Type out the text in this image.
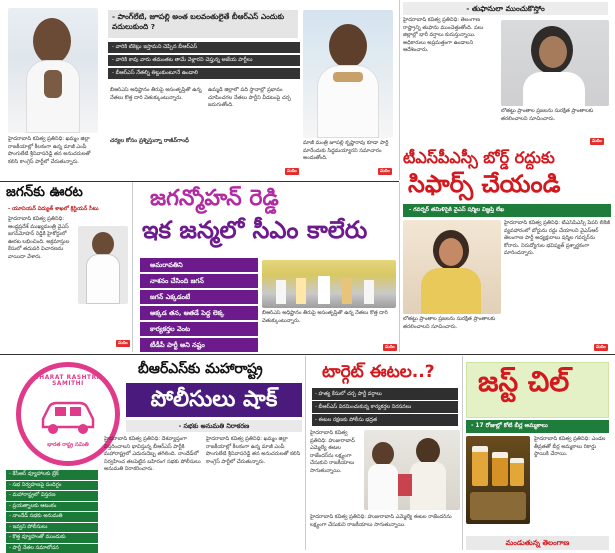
- పాంగ్‌లేటి, జూపల్లి అంత బలవంతులైతే బీఆర్ఎస్ ఎందుకు వదులుకుంది ?
- వారికి టికెట్లు ఇస్తామని చెప్పిన బీఆర్ఎస్
- వారికి కావు వారు తమంతట తామే వెళ్లారని చెప్తున్న అజేయ పార్టీలు
- బీఆర్ఎస్ నేతల్ని తిట్టుకుంటూనే ఉండాలి
హైదరాబాద్ కవిత్వ ప్రతినిధి: ఖమ్మం జిల్లా రాజకీయాల్లో కీలకంగా ఉన్న మాజీ ఎంపీ పొంగులేటి శ్రీనివాసరెడ్డి తన అనుచరులతో కలిసి కాంగ్రెస్ పార్టీలో చేరుతున్నారు.
బీఆర్ఎస్ అధిష్టానం తీరుపై అసంతృప్తితో ఉన్న నేతలు కొత్త దారి వెతుక్కుంటున్నారు.
చర్యల కోసం ప్రశ్నిస్తున్నా రాజీవ్‌గాంధీ
ఉమ్మడి జిల్లాలో పది స్థానాల్లో ప్రభావం చూపించగల నేతలు పార్టీని వీడటంపై చర్చ జరుగుతోంది.
మాజీ మంత్రి జూపల్లి కృష్ణారావు కూడా పార్టీ మారేందుకు సిద్ధమయ్యారని సమాచారం అందుతోంది.
మరిం	మరిం
- తుఫానులా ముంచుకొస్తోం
హైదరాబాద్ కవిత్వ ప్రతినిధి: తెలంగాణ రాష్ట్రాన్ని తుఫాను ముంచెత్తుతోంది. పలు జిల్లాల్లో భారీ వర్షాలు కురుస్తున్నాయి. అధికారులు అప్రమత్తంగా ఉండాలని ఆదేశించారు.
లోతట్టు ప్రాంతాల ప్రజలను సురక్షిత ప్రాంతాలకు తరలించాలని సూచించారు.
మరిం
టీఎస్‌పీఎస్సీ బోర్డ్ రద్దుకు
జగన్‌కు ఊరట
- యూనియన్ విద్యుత్ శాఖలో క్రిస్టియన్ సీటు
హైదరాబాద్ కవిత్వ ప్రతినిధి: ఆంధ్రప్రదేశ్ ముఖ్యమంత్రి వైఎస్ జగన్‌మోహన్ రెడ్డికి హైకోర్టులో ఊరట లభించింది. అక్రమాస్తుల కేసులో తదుపరి విచారణను వాయిదా వేశారు.
మరిం
జగన్మోహన్ రెడ్డి
ఇక జన్మలో సీఎం కాలేరు
అమరావతిని
నాశనం చేసింది జగన్
జగన్ ఎక్కడంటే
అక్కడ తన, ఆతడే పెద్ద లెక్క
కార్యకర్తల వెంట
టీడీపీ పార్టీ అని నష్టం
బీఆర్ఎస్ అధిష్టానం తీరుపై అసంతృప్తితో ఉన్న నేతలు కొత్త దారి వెతుక్కుంటున్నారు.
మరిం
సిఫార్స్ చేయండి
- గవర్నర్ తమిళిసైకి వైఎస్ షర్మిల విజ్ఞప్తి లేఖ
హైదరాబాద్ కవిత్వ ప్రతినిధి: టీఎస్‌పీఎస్సీ పేపర్ లీకేజీ వ్యవహారంలో బోర్డును రద్దు చేయాలని వైఎస్ఆర్ తెలంగాణ పార్టీ అధ్యక్షురాలు షర్మిల గవర్నర్‌ను కోరారు. నిరుద్యోగుల భవిష్యత్ ప్రశ్నార్థకంగా మారిందన్నారు.
లోతట్టు ప్రాంతాల ప్రజలను సురక్షిత ప్రాంతాలకు తరలించాలని సూచించారు.
మరిం
BHARAT RASHTRA SAMITHI
భారత రాష్ట్ర సమితి
బీఆర్ఎస్‌కు మహారాష్ట్ర
పోలీసులు షాక్
- సభకు అనుమతి నిరాకరణ
- కేసీఆర్ వ్యూహాలకు బ్రేక్
- సభ నిర్వహణపై సందిగ్ధం
- మహారాష్ట్రలో విస్తరణ
- ప్రయత్నాలకు ఆటంకం
- నాందేడ్ సభకు అనుమతి
- ఇవ్వని పోలీసులు
- కొత్త వ్యూహంతో ముందుకు
- పార్టీ నేతల సమాలోచన
హైదరాబాద్ కవిత్వ ప్రతినిధి: దేశవ్యాప్తంగా విస్తరించాలని భావిస్తున్న బీఆర్ఎస్ పార్టీకి మహారాష్ట్రలో ఎదురుదెబ్బ తగిలింది. నాందేడ్‌లో నిర్వహించ తలపెట్టిన బహిరంగ సభకు పోలీసులు అనుమతి నిరాకరించారు.
హైదరాబాద్ కవిత్వ ప్రతినిధి: ఖమ్మం జిల్లా రాజకీయాల్లో కీలకంగా ఉన్న మాజీ ఎంపీ పొంగులేటి శ్రీనివాసరెడ్డి తన అనుచరులతో కలిసి కాంగ్రెస్ పార్టీలో చేరుతున్నారు.
టార్గెట్ ఈటల..?
- హత్య కేసులో చర్చ పార్టీ వర్గాలు
- బీఆర్ఎస్ విరమించుకున్న కార్యకర్తల నిరసనలు
- ఈటల రక్షణకు పోలీసు భద్రత
హైదరాబాద్ కవిత్వ ప్రతినిధి: హుజురాబాద్ ఎమ్మెల్యే ఈటల రాజేందర్‌ను లక్ష్యంగా చేసుకుని రాజకీయాలు సాగుతున్నాయి.
హైదరాబాద్ కవిత్వ ప్రతినిధి: హుజురాబాద్ ఎమ్మెల్యే ఈటల రాజేందర్‌ను లక్ష్యంగా చేసుకుని రాజకీయాలు సాగుతున్నాయి.
జస్ట్ చిల్
- 17 రోజుల్లో కోటి బీర్ల అమ్మకాలు
హైదరాబాద్ కవిత్వ ప్రతినిధి: ఎండల తీవ్రతతో బీర్ల అమ్మకాలు రికార్డు స్థాయికి చేరాయి.
మండుతున్న తెలంగాణ
